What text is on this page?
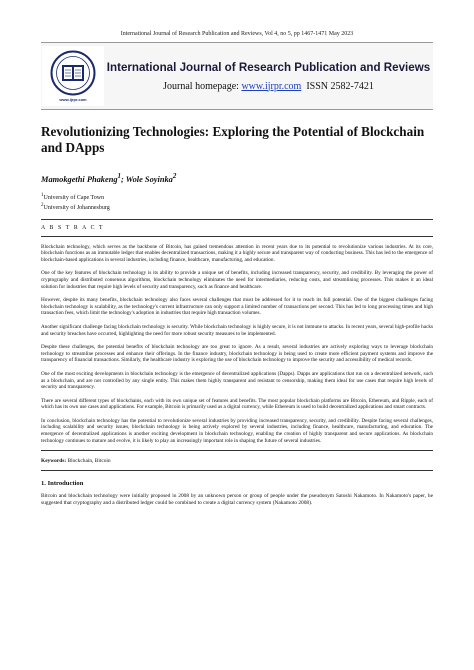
International Journal of Research Publication and Reviews, Vol 4, no 5, pp 1467-1471 May 2023
www.ijrpr.com
International Journal of Research Publication and Reviews
Journal homepage: www.ijrpr.com ISSN 2582-7421
Revolutionizing Technologies: Exploring the Potential of Blockchain and DApps
Mamokgethi Phakeng$^1$; Wole Soyinka$^2$
$^1$University of Cape Town
$^2$University of Johannesburg
A B S T R A C T

Blockchain technology, which serves as the backbone of Bitcoin, has gained tremendous attention in recent years due to its potential to revolutionize various industries. At its core, blockchain functions as an immutable ledger that enables decentralized transactions, making it a highly secure and transparent way of conducting business. This has led to the emergence of blockchain-based applications in several industries, including finance, healthcare, manufacturing, and education.

One of the key features of blockchain technology is its ability to provide a unique set of benefits, including increased transparency, security, and credibility. By leveraging the power of cryptography and distributed consensus algorithms, blockchain technology eliminates the need for intermediaries, reducing costs, and streamlining processes. This makes it an ideal solution for industries that require high levels of security and transparency, such as finance and healthcare.

However, despite its many benefits, blockchain technology also faces several challenges that must be addressed for it to reach its full potential. One of the biggest challenges facing blockchain technology is scalability, as the technology's current infrastructure can only support a limited number of transactions per second. This has led to long processing times and high transaction fees, which limit the technology's adoption in industries that require high transaction volumes.

Another significant challenge facing blockchain technology is security. While blockchain technology is highly secure, it is not immune to attacks. In recent years, several high-profile hacks and security breaches have occurred, highlighting the need for more robust security measures to be implemented.

Despite these challenges, the potential benefits of blockchain technology are too great to ignore. As a result, several industries are actively exploring ways to leverage blockchain technology to streamline processes and enhance their offerings. In the finance industry, blockchain technology is being used to create more efficient payment systems and improve the transparency of financial transactions. Similarly, the healthcare industry is exploring the use of blockchain technology to improve the security and accessibility of medical records.

One of the most exciting developments in blockchain technology is the emergence of decentralized applications (Dapps). Dapps are applications that run on a decentralized network, such as a blockchain, and are not controlled by any single entity. This makes them highly transparent and resistant to censorship, making them ideal for use cases that require high levels of security and transparency.

There are several different types of blockchains, each with its own unique set of features and benefits. The most popular blockchain platforms are Bitcoin, Ethereum, and Ripple, each of which has its own use cases and applications. For example, Bitcoin is primarily used as a digital currency, while Ethereum is used to build decentralized applications and smart contracts.

In conclusion, blockchain technology has the potential to revolutionize several industries by providing increased transparency, security, and credibility. Despite facing several challenges, including scalability and security issues, blockchain technology is being actively explored by several industries, including finance, healthcare, manufacturing, and education. The emergence of decentralized applications is another exciting development in blockchain technology, enabling the creation of highly transparent and secure applications. As blockchain technology continues to mature and evolve, it is likely to play an increasingly important role in shaping the future of several industries.

Keywords: Blockchain, Bitcoin
1. Introduction

Bitcoin and blockchain technology were initially proposed in 2008 by an unknown person or group of people under the pseudonym Satoshi Nakamoto. In Nakamoto's paper, he suggested that cryptography and a distributed ledger could be combined to create a digital currency system (Nakamoto 2008).
